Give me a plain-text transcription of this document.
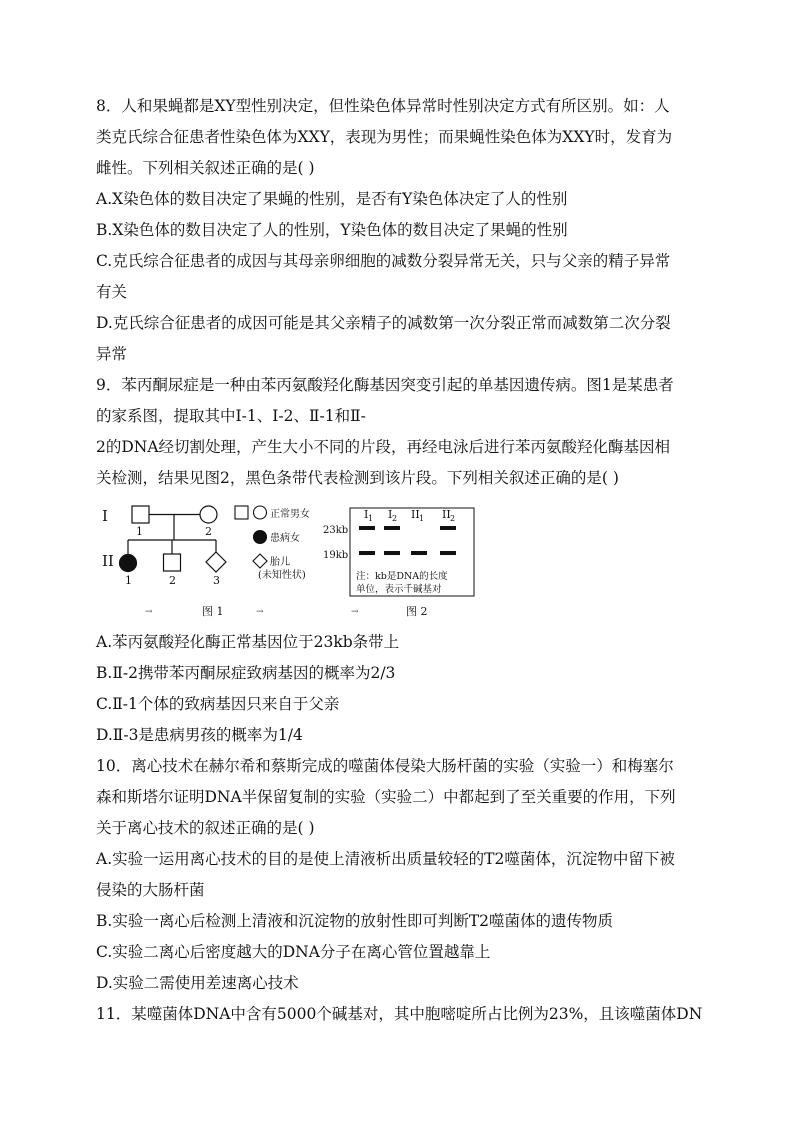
8．人和果蝇都是XY型性别决定，但性染色体异常时性别决定方式有所区别。如：人
类克氏综合征患者性染色体为XXY，表现为男性；而果蝇性染色体为XXY时，发育为
雌性。下列相关叙述正确的是( )
A.X染色体的数目决定了果蝇的性别，是否有Y染色体决定了人的性别
B.X染色体的数目决定了人的性别，Y染色体的数目决定了果蝇的性别
C.克氏综合征患者的成因与其母亲卵细胞的减数分裂异常无关，只与父亲的精子异常
有关
D.克氏综合征患者的成因可能是其父亲精子的减数第一次分裂正常而减数第二次分裂
异常
9．苯丙酮尿症是一种由苯丙氨酸羟化酶基因突变引起的单基因遗传病。图1是某患者
的家系图，提取其中Ⅰ-1、Ⅰ-2、Ⅱ-1和Ⅱ-
2的DNA经切割处理，产生大小不同的片段，再经电泳后进行苯丙氨酸羟化酶基因相
关检测，结果见图2，黑色条带代表检测到该片段。下列相关叙述正确的是( )
A.苯丙氨酸羟化酶正常基因位于23kb条带上
B.Ⅱ-2携带苯丙酮尿症致病基因的概率为2/3
C.Ⅱ-1个体的致病基因只来自于父亲
D.Ⅱ-3是患病男孩的概率为1/4
10．离心技术在赫尔希和蔡斯完成的噬菌体侵染大肠杆菌的实验（实验一）和梅塞尔
森和斯塔尔证明DNA半保留复制的实验（实验二）中都起到了至关重要的作用，下列
关于离心技术的叙述正确的是( )
A.实验一运用离心技术的目的是使上清液析出质量较轻的T2噬菌体，沉淀物中留下被
侵染的大肠杆菌
B.实验一离心后检测上清液和沉淀物的放射性即可判断T2噬菌体的遗传物质
C.实验二离心后密度越大的DNA分子在离心管位置越靠上
D.实验二需使用差速离心技术
11．某噬菌体DNA中含有5000个碱基对，其中胞嘧啶所占比例为23%，且该噬菌体DN
I
II
1	2
1	2	3
正常男女
患病女
胎儿
(未知性状)
I 1 I 2 II 1 II 2
23kb
19kb
注：kb是DNA的长度
单位，表示千碱基对
→	图 1	→	→	图 2
